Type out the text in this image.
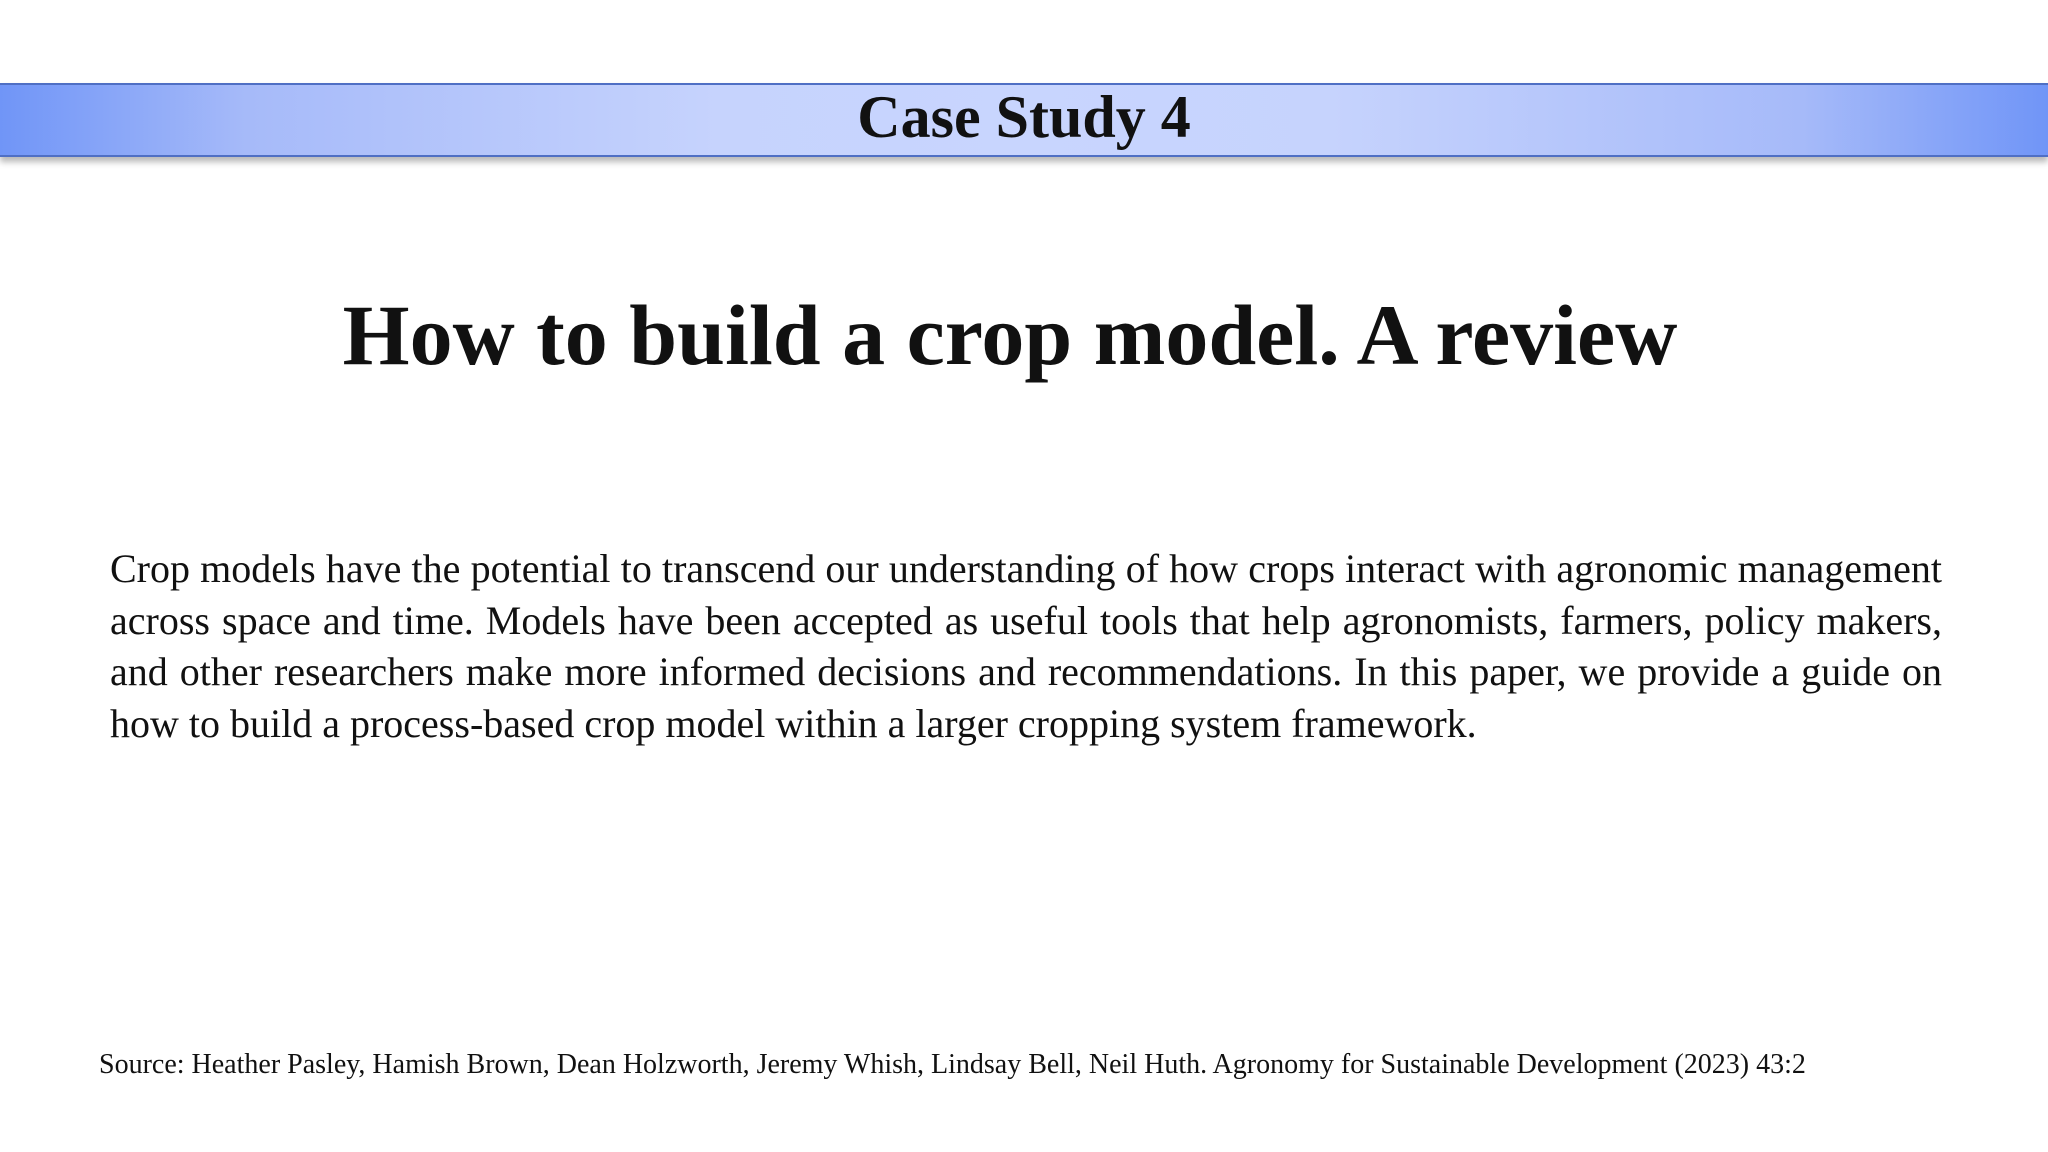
Case Study 4
How to build a crop model. A review
Crop models have the potential to transcend our understanding of how crops interact with agronomic management across space and time. Models have been accepted as useful tools that help agronomists, farmers, policy makers, and other researchers make more informed decisions and recommendations. In this paper, we provide a guide on how to build a process-based crop model within a larger cropping system framework.
Source: Heather Pasley, Hamish Brown, Dean Holzworth, Jeremy Whish, Lindsay Bell, Neil Huth. Agronomy for Sustainable Development (2023) 43:2
